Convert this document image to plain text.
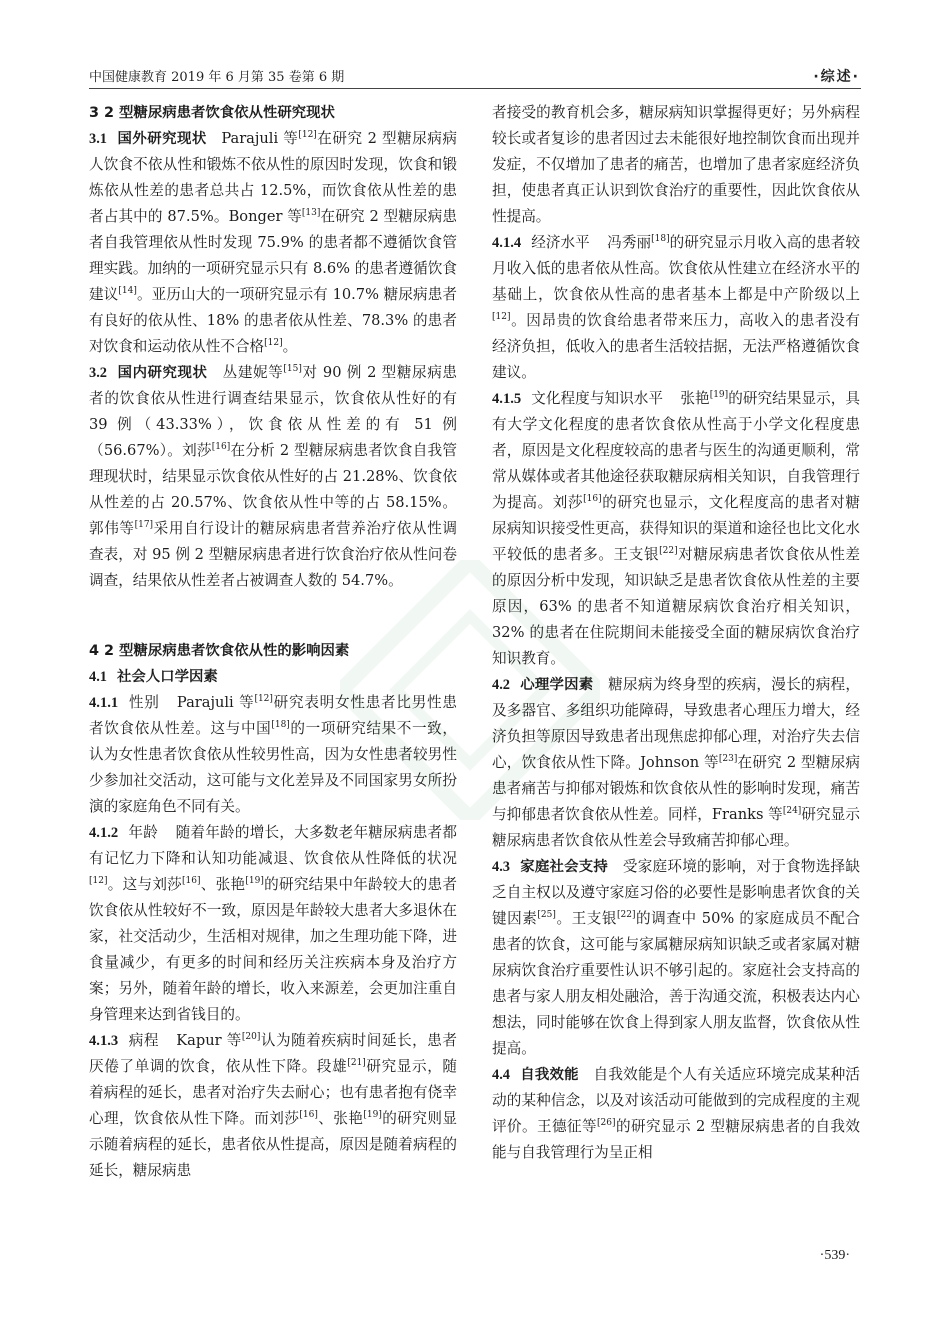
中国健康教育 2019 年 6 月第 35 卷第 6 期	·综述·

3 2 型糖尿病患者饮食依从性研究现状

3.1 国外研究现状  Parajuli 等[12]在研究 2 型糖尿病病人饮食不依从性和锻炼不依从性的原因时发现，饮食和锻炼依从性差的患者总共占 12.5%，而饮食依从性差的患者占其中的 87.5%。Bonger 等[13]在研究 2 型糖尿病患者自我管理依从性时发现 75.9% 的患者都不遵循饮食管理实践。加纳的一项研究显示只有 8.6% 的患者遵循饮食建议[14]。亚历山大的一项研究显示有 10.7% 糖尿病患者有良好的依从性、18% 的患者依从性差、78.3% 的患者对饮食和运动依从性不合格[12]。

3.2 国内研究现状  丛建妮等[15]对 90 例 2 型糖尿病患者的饮食依从性进行调查结果显示，饮食依从性好的有 39 例（43.33%），饮食依从性差的有 51 例（56.67%）。刘莎[16]在分析 2 型糖尿病患者饮食自我管理现状时，结果显示饮食依从性好的占 21.28%、饮食依从性差的占 20.57%、饮食依从性中等的占 58.15%。郭伟等[17]采用自行设计的糖尿病患者营养治疗依从性调查表，对 95 例 2 型糖尿病患者进行饮食治疗依从性问卷调查，结果依从性差者占被调查人数的 54.7%。

4 2 型糖尿病患者饮食依从性的影响因素

4.1 社会人口学因素

4.1.1 性别  Parajuli 等[12]研究表明女性患者比男性患者饮食依从性差。这与中国[18]的一项研究结果不一致，认为女性患者饮食依从性较男性高，因为女性患者较男性少参加社交活动，这可能与文化差异及不同国家男女所扮演的家庭角色不同有关。

4.1.2 年龄  随着年龄的增长，大多数老年糖尿病患者都有记忆力下降和认知功能减退、饮食依从性降低的状况[12]。这与刘莎[16]、张艳[19]的研究结果中年龄较大的患者饮食依从性较好不一致，原因是年龄较大患者大多退休在家，社交活动少，生活相对规律，加之生理功能下降，进食量减少，有更多的时间和经历关注疾病本身及治疗方案；另外，随着年龄的增长，收入来源差，会更加注重自身管理来达到省钱目的。

4.1.3 病程  Kapur 等[20]认为随着疾病时间延长，患者厌倦了单调的饮食，依从性下降。段雄[21]研究显示，随着病程的延长，患者对治疗失去耐心；也有患者抱有侥幸心理，饮食依从性下降。而刘莎[16]、张艳[19]的研究则显示随着病程的延长，患者依从性提高，原因是随着病程的延长，糖尿病患

者接受的教育机会多，糖尿病知识掌握得更好；另外病程较长或者复诊的患者因过去未能很好地控制饮食而出现并发症，不仅增加了患者的痛苦，也增加了患者家庭经济负担，使患者真正认识到饮食治疗的重要性，因此饮食依从性提高。

4.1.4 经济水平  冯秀丽[18]的研究显示月收入高的患者较月收入低的患者依从性高。饮食依从性建立在经济水平的基础上，饮食依从性高的患者基本上都是中产阶级以上[12]。因昂贵的饮食给患者带来压力，高收入的患者没有经济负担，低收入的患者生活较拮据，无法严格遵循饮食建议。

4.1.5 文化程度与知识水平  张艳[19]的研究结果显示，具有大学文化程度的患者饮食依从性高于小学文化程度患者，原因是文化程度较高的患者与医生的沟通更顺利，常常从媒体或者其他途径获取糖尿病相关知识，自我管理行为提高。刘莎[16]的研究也显示，文化程度高的患者对糖尿病知识接受性更高，获得知识的渠道和途径也比文化水平较低的患者多。王支银[22]对糖尿病患者饮食依从性差的原因分析中发现，知识缺乏是患者饮食依从性差的主要原因，63% 的患者不知道糖尿病饮食治疗相关知识，32% 的患者在住院期间未能接受全面的糖尿病饮食治疗知识教育。

4.2 心理学因素  糖尿病为终身型的疾病，漫长的病程，及多器官、多组织功能障碍，导致患者心理压力增大，经济负担等原因导致患者出现焦虑抑郁心理，对治疗失去信心，饮食依从性下降。Johnson 等[23]在研究 2 型糖尿病患者痛苦与抑郁对锻炼和饮食依从性的影响时发现，痛苦与抑郁患者饮食依从性差。同样，Franks 等[24]研究显示糖尿病患者饮食依从性差会导致痛苦抑郁心理。

4.3 家庭社会支持  受家庭环境的影响，对于食物选择缺乏自主权以及遵守家庭习俗的必要性是影响患者饮食的关键因素[25]。王支银[22]的调查中 50% 的家庭成员不配合患者的饮食，这可能与家属糖尿病知识缺乏或者家属对糖尿病饮食治疗重要性认识不够引起的。家庭社会支持高的患者与家人朋友相处融洽，善于沟通交流，积极表达内心想法，同时能够在饮食上得到家人朋友监督，饮食依从性提高。

4.4 自我效能  自我效能是个人有关适应环境完成某种活动的某种信念，以及对该活动可能做到的完成程度的主观评价。王德征等[26]的研究显示 2 型糖尿病患者的自我效能与自我管理行为呈正相

·539·
